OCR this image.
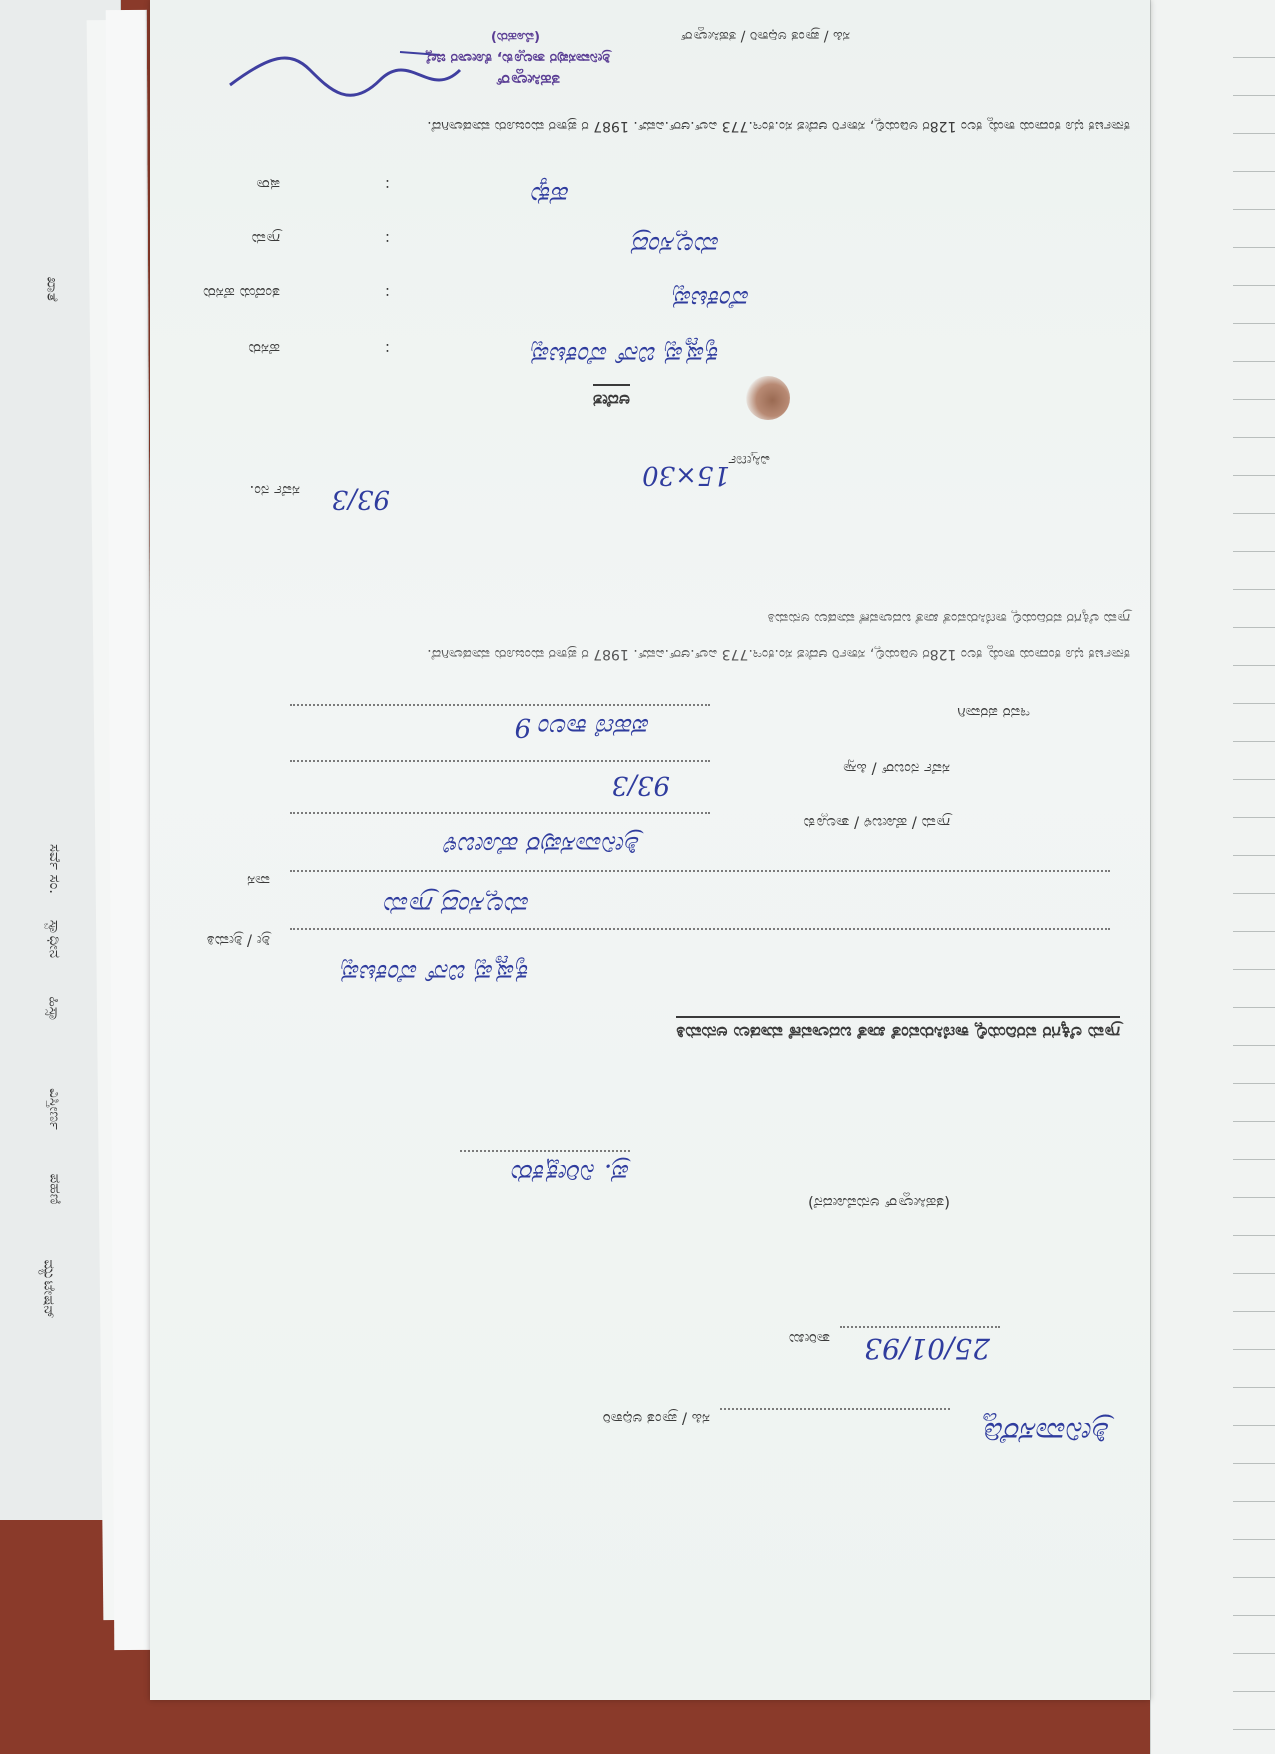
ಖಾತೆ
ಸರ್ವೆ ಸಂ.
ಸ್ವಾಧೀನ
ಹಿಸ್ಸಾ
ವಿಸ್ತೀರ್ಣ
ಪಹಣಿ
ಮ್ಯುಟೇಷನ್
ಶ್ರೀನಿವಾಸರೆಡ್ಡಿ
ಸಹಿ / ಪ್ರಾಂತ ಅಧಿಕಾರಿ
ತಾರೀಖು 25/01/93
(ತಹಸೀಲ್ದಾರ್ ಅನುಮೋದನೆ)
ಪ್ರ. ನಿರೀಕ್ಷಕರು
ಗ್ರಾಮ ಲೆಕ್ಕಿಗರ ವರದಿಯಲ್ಲಿ ಕಾಣಿಸಿರುವಂತೆ ಖಾತೆ ಬದಲಾವಣೆ ಮಾಡಲು ಅನುಮತಿ
ಶ್ರೀ / ಶ್ರೀಮತಿ
ಕೃಷ್ಣಪ್ಪ ಬಿನ್ ವೆಂಕಟಪ್ಪ
ವಾಸ
ಮಲ್ಲಸಂದ್ರ ಗ್ರಾಮ
ಗ್ರಾಮ / ಹೋಬಳಿ / ತಾಲ್ಲೂಕು
ಶ್ರೀನಿವಾಸಪುರ ಹೋಬಳಿ
ಸರ್ವೆ ನಂಬರ್ / ಹಿಸ್ಸಾ
93/3
ಇವರ ಪರವಾಗಿ
ಪಹಣಿ ಕಾಲಂ 9
ಕರ್ನಾಟಕ ಭೂ ಕಂದಾಯ ಕಾಯ್ದೆ ಕಲಂ 128ರ ಅಡಿಯಲ್ಲಿ, ಸರ್ಕಾರಿ ಆದೇಶ ಸಂ.ಕಂಇ.773 ಎಲ್.ಆರ್.ಎಮ್. 1987 ರ ಪ್ರಕಾರ ಮಂಜೂರು ಮಾಡಲಾಗಿದೆ.
ಗ್ರಾಮ ಲೆಕ್ಕಿಗರ ವರದಿಯಲ್ಲಿ ಕಾಣಿಸಿರುವಂತೆ ಖಾತೆ ಬದಲಾವಣೆ ಮಾಡಲು ಅನುಮತಿ
ವಿಸ್ತೀರ್ಣ
15×30
ಸರ್ವೆ ನಂ. 93/3
ಆದೇಶ
ಹೆಸರು	:	ಕೃಷ್ಣಪ್ಪ ಬಿನ್ ವೆಂಕಟಪ್ಪ
ತಂದೆಯ ಹೆಸರು	:	ವೆಂಕಟಪ್ಪ
ಗ್ರಾಮ	:	ಮಲ್ಲಸಂದ್ರ
ಷರಾ	:	ಹಕ್ಕು
ಕರ್ನಾಟಕ ಭೂ ಕಂದಾಯ ಕಾಯ್ದೆ ಕಲಂ 128ರ ಅಡಿಯಲ್ಲಿ, ಸರ್ಕಾರಿ ಆದೇಶ ಸಂ.ಕಂಇ.773 ಎಲ್.ಆರ್.ಎಮ್. 1987 ರ ಪ್ರಕಾರ ಮಂಜೂರು ಮಾಡಲಾಗಿದೆ.
ತಹಸೀಲ್ದಾರ್
ಶ್ರೀನಿವಾಸಪುರ ತಾಲ್ಲೂಕು, ಕೋಲಾರ ಜಿಲ್ಲೆ
(ಮೊಹರು)	ಸಹಿ / ಪ್ರಾಂತ ಅಧಿಕಾರಿ / ತಹಸೀಲ್ದಾರ್
